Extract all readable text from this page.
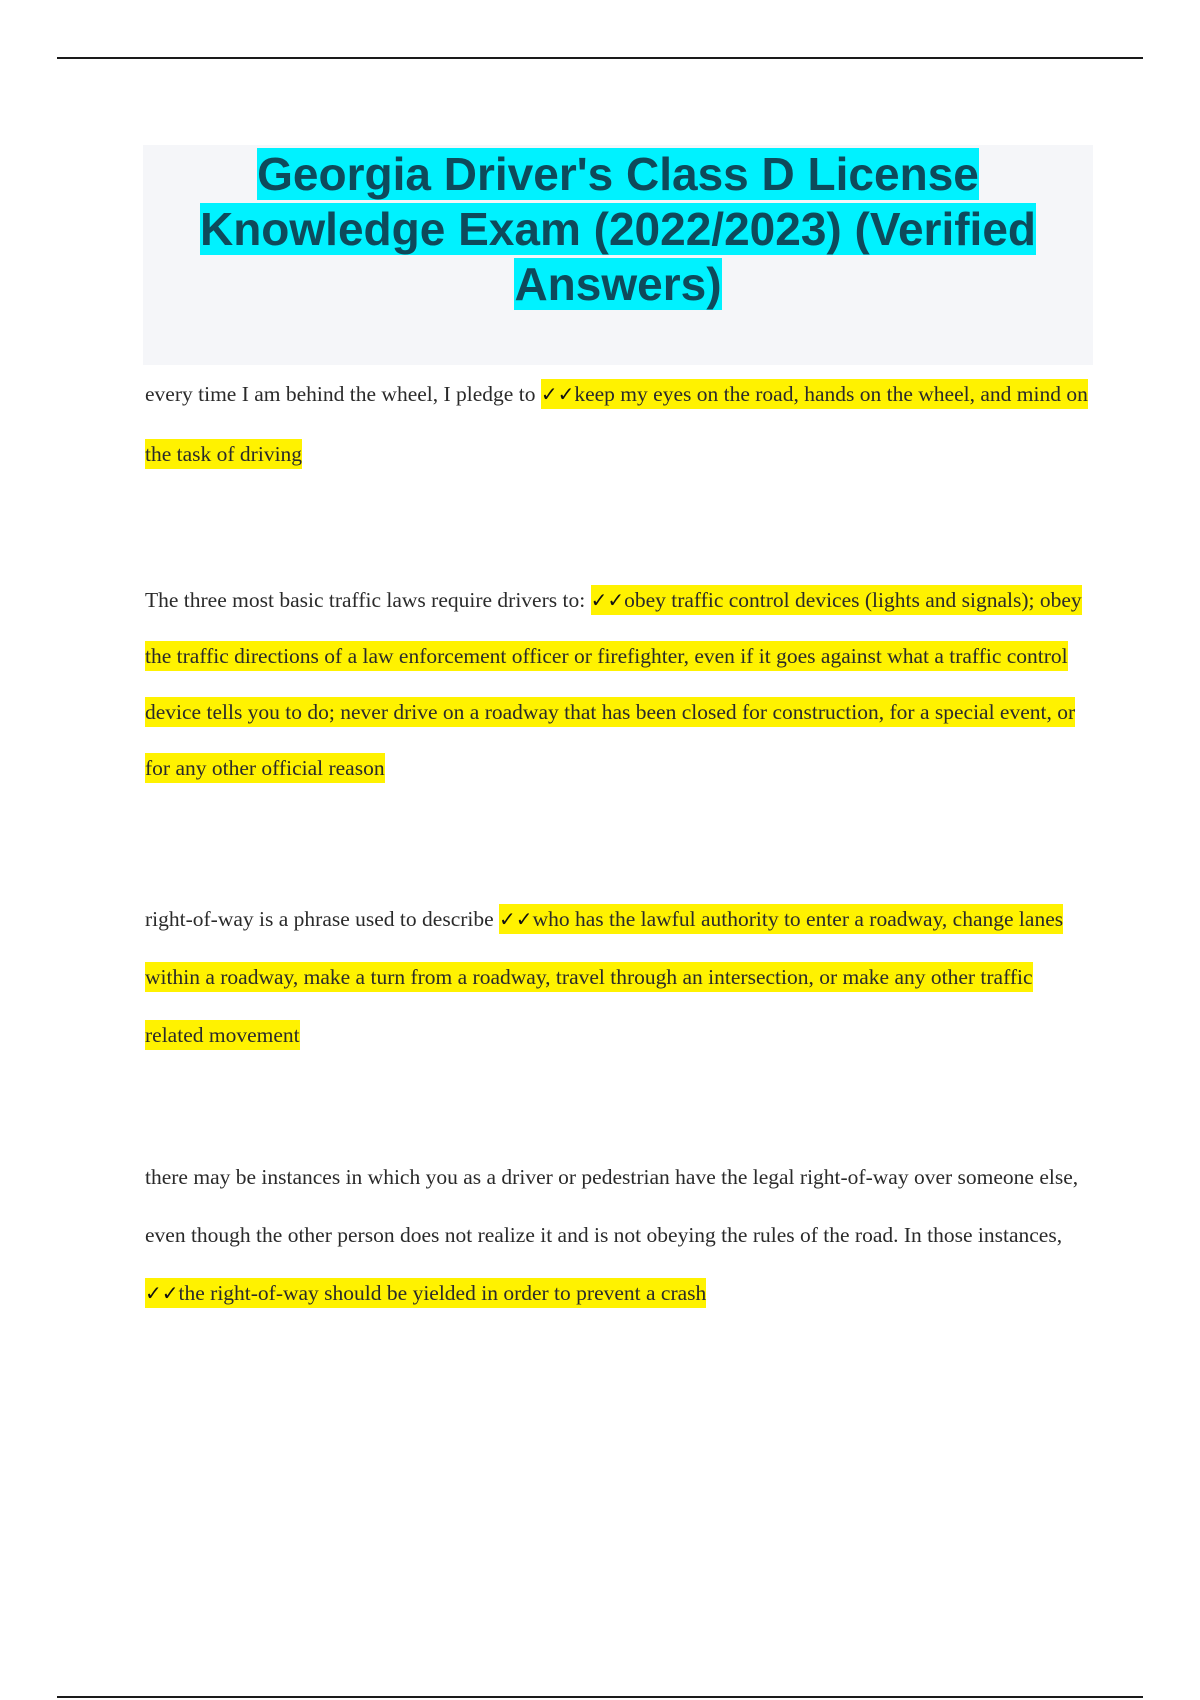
Georgia Driver's Class D License Knowledge Exam (2022/2023) (Verified Answers)

every time I am behind the wheel, I pledge to ✓✓keep my eyes on the road, hands on the wheel, and mind on the task of driving

The three most basic traffic laws require drivers to: ✓✓obey traffic control devices (lights and signals); obey the traffic directions of a law enforcement officer or firefighter, even if it goes against what a traffic control device tells you to do; never drive on a roadway that has been closed for construction, for a special event, or for any other official reason

right-of-way is a phrase used to describe ✓✓who has the lawful authority to enter a roadway, change lanes within a roadway, make a turn from a roadway, travel through an intersection, or make any other traffic related movement

there may be instances in which you as a driver or pedestrian have the legal right-of-way over someone else, even though the other person does not realize it and is not obeying the rules of the road. In those instances, ✓✓the right-of-way should be yielded in order to prevent a crash
